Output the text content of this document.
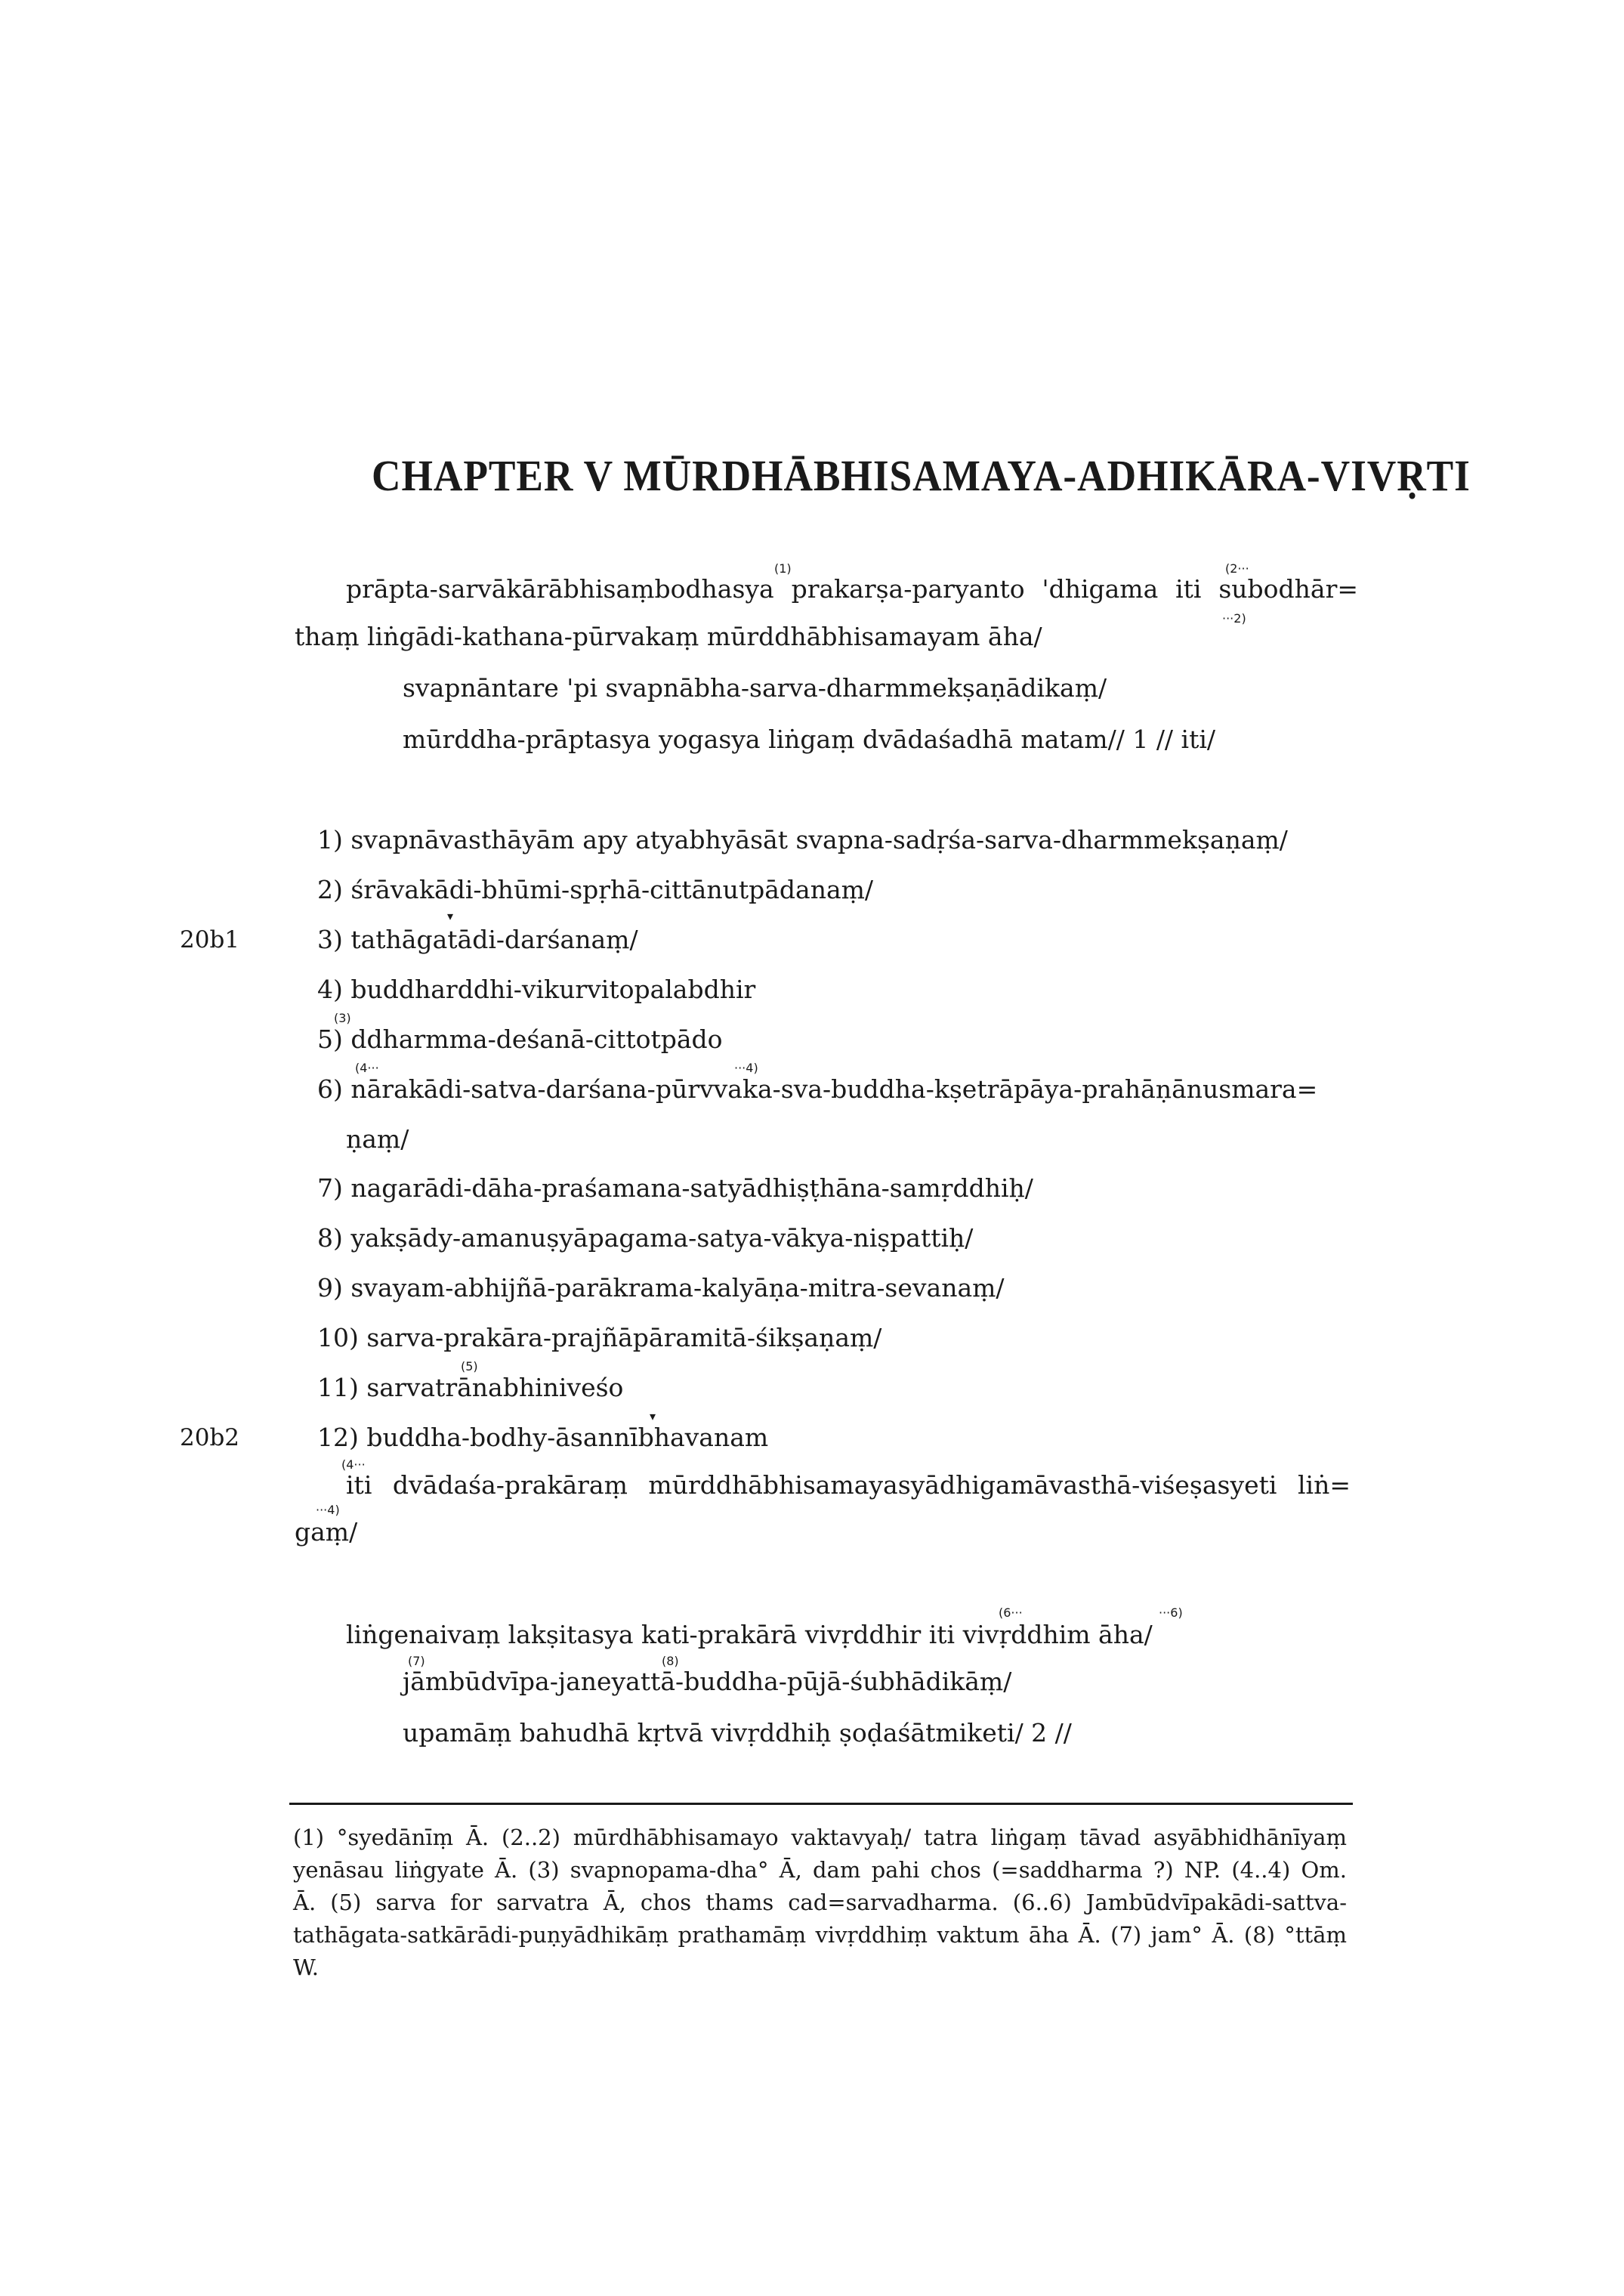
CHAPTER V MŪRDHĀBHISAMAYA-ADHIKĀRA-VIVṚTI
prāpta-sarvākārābhisaṃbodhasya prakarṣa-paryanto 'dhigama iti subodhār=
thaṃ liṅgādi-kathana-pūrvakaṃ mūrddhābhisamayam āha/
svapnāntare 'pi svapnābha-sarva-dharmmekṣaṇādikaṃ/
mūrddha-prāptasya yogasya liṅgaṃ dvādaśadhā matam// 1 // iti/
1) svapnāvasthāyām apy atyabhyāsāt svapna-sadṛśa-sarva-dharmmekṣaṇaṃ/
2) śrāvakādi-bhūmi-spṛhā-cittānutpādanaṃ/
3) tathāgatādi-darśanaṃ/
4) buddharddhi-vikurvitopalabdhir
5) ddharmma-deśanā-cittotpādo
6) nārakādi-satva-darśana-pūrvvaka-sva-buddha-kṣetrāpāya-prahāṇānusmara=
ṇaṃ/
7) nagarādi-dāha-praśamana-satyādhiṣṭhāna-samṛddhiḥ/
8) yakṣādy-amanuṣyāpagama-satya-vākya-niṣpattiḥ/
9) svayam-abhijñā-parākrama-kalyāṇa-mitra-sevanaṃ/
10) sarva-prakāra-prajñāpāramitā-śikṣaṇaṃ/
11) sarvatrānabhiniveśo
12) buddha-bodhy-āsannībhavanam
iti dvādaśa-prakāraṃ mūrddhābhisamayasyādhigamāvasthā-viśeṣasyeti liṅ=
gaṃ/
liṅgenaivaṃ lakṣitasya kati-prakārā vivṛddhir iti vivṛddhim āha/
jāmbūdvīpa-janeyattā-buddha-pūjā-śubhādikāṃ/
upamāṃ bahudhā kṛtvā vivṛddhiḥ ṣoḍaśātmiketi/ 2 //
20b1
20b2
(1)	(2···
···2)
▾
(3)
(4···	···4)
(5)
▾
(4···
···4)
(6···	···6)
(7)	(8)
(1) °syedānīṃ Ā. (2..2) mūrdhābhisamayo vaktavyaḥ/ tatra liṅgaṃ tāvad asyābhidhānīyaṃ
yenāsau liṅgyate Ā. (3) svapnopama-dha° Ā, dam pahi chos (=saddharma ?) NP. (4..4) Om.
Ā. (5) sarva for sarvatra Ā, chos thams cad=sarvadharma. (6..6) Jambūdvīpakādi-sattva-
tathāgata-satkārādi-puṇyādhikāṃ prathamāṃ vivṛddhiṃ vaktum āha Ā. (7) jam° Ā. (8) °ttāṃ
W.
